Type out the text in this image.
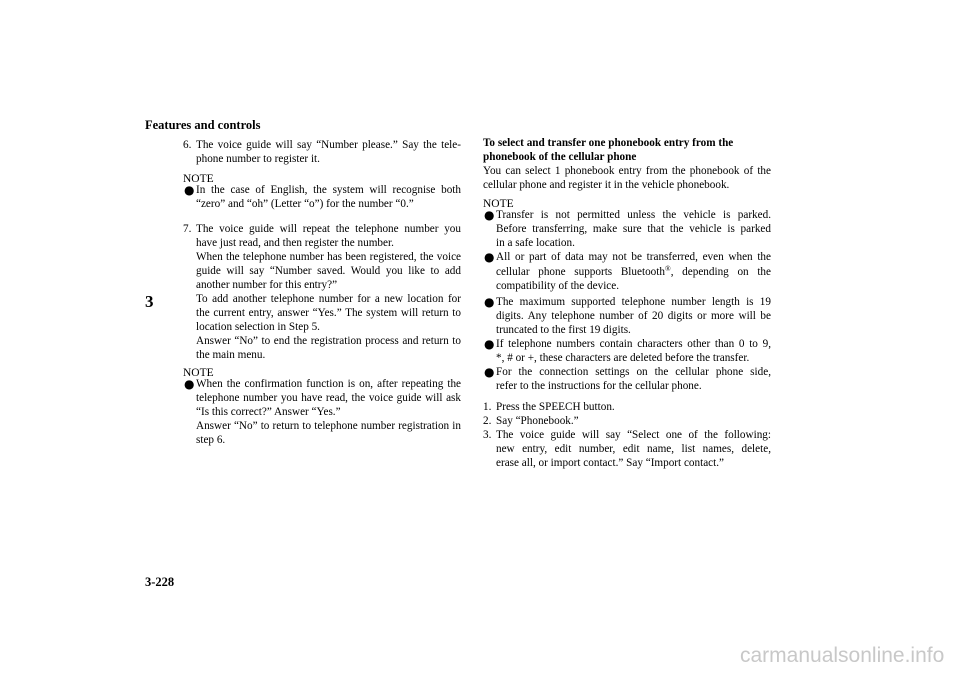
Features and controls
3
3-228
carmanualsonline.info
6. The voice guide will say “Number please.” Say the tele-
phone number to register it.
NOTE
● In the case of English, the system will recognise both
“zero” and “oh” (Letter “o”) for the number “0.”
7. The voice guide will repeat the telephone number you
have just read, and then register the number.
When the telephone number has been registered, the voice
guide will say “Number saved. Would you like to add
another number for this entry?”
To add another telephone number for a new location for
the current entry, answer “Yes.” The system will return to
location selection in Step 5.
Answer “No” to end the registration process and return to
the main menu.
NOTE
● When the confirmation function is on, after repeating the
telephone number you have read, the voice guide will ask
“Is this correct?” Answer “Yes.”
Answer “No” to return to telephone number registration in
step 6.
To select and transfer one phonebook entry from the
phonebook of the cellular phone
You can select 1 phonebook entry from the phonebook of the
cellular phone and register it in the vehicle phonebook.
NOTE
● Transfer is not permitted unless the vehicle is parked.
Before transferring, make sure that the vehicle is parked
in a safe location.
● All or part of data may not be transferred, even when the
cellular phone supports Bluetooth®, depending on the
compatibility of the device.
● The maximum supported telephone number length is 19
digits. Any telephone number of 20 digits or more will be
truncated to the first 19 digits.
● If telephone numbers contain characters other than 0 to 9,
*, # or +, these characters are deleted before the transfer.
● For the connection settings on the cellular phone side,
refer to the instructions for the cellular phone.
1. Press the SPEECH button.
2. Say “Phonebook.”
3. The voice guide will say “Select one of the following:
new entry, edit number, edit name, list names, delete,
erase all, or import contact.” Say “Import contact.”
